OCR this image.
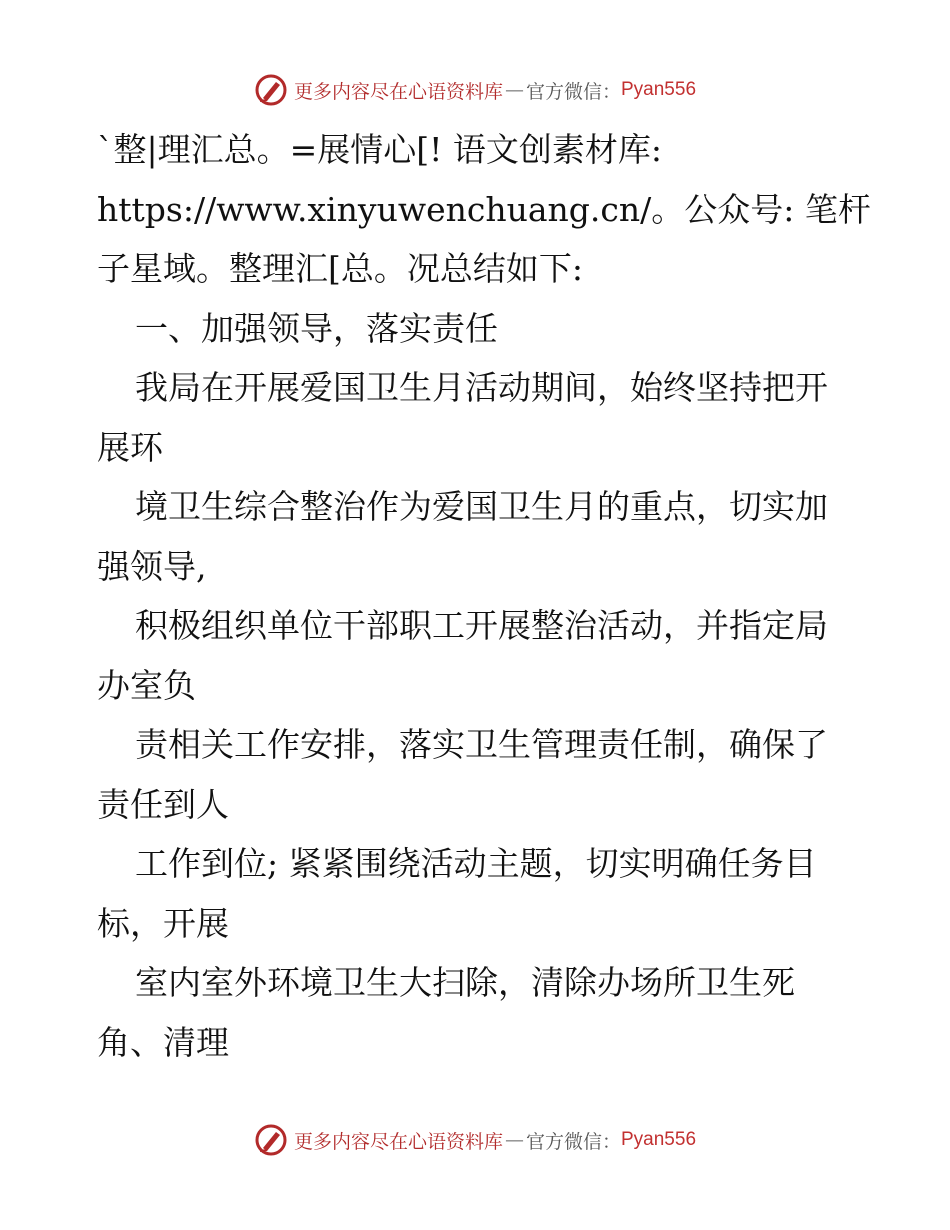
更多内容尽在心语资料库 — 官方微信： Pyan556
`整|理汇总。=展情心[! 语文创素材库:
https://www.xinyuwenchuang.cn/。公众号: 笔杆
子星域。整理汇[总。况总结如下:
一、加强领导，落实责任
我局在开展爱国卫生月活动期间，始终坚持把开
展环
境卫生综合整治作为爱国卫生月的重点，切实加
强领导,
积极组织单位干部职工开展整治活动，并指定局
办室负
责相关工作安排，落实卫生管理责任制，确保了
责任到人
工作到位; 紧紧围绕活动主题，切实明确任务目
标，开展
室内室外环境卫生大扫除，清除办场所卫生死
角、清理
更多内容尽在心语资料库 — 官方微信： Pyan556
